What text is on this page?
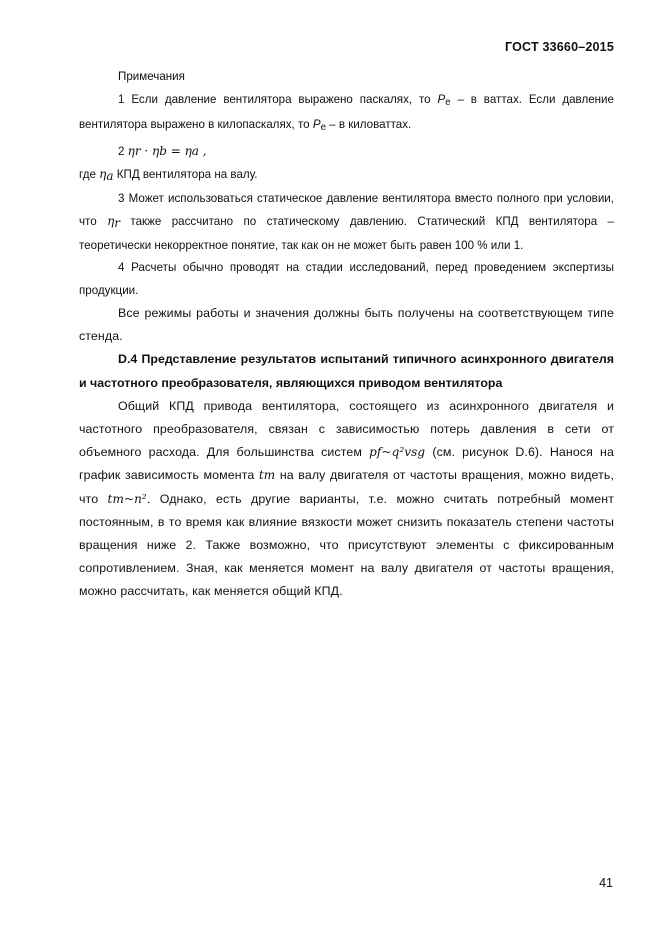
ГОСТ 33660–2015

Примечания

1 Если давление вентилятора выражено паскалях, то $P_e$ – в ваттах. Если давление вентилятора выражено в килопаскалях, то $P_e$ – в киловаттах.

2 ηr · ηb = ηa ,

где $\eta_a$ КПД вентилятора на валу.

3 Может использоваться статическое давление вентилятора вместо полного при условии, что $\eta_r$ также рассчитано по статическому давлению. Статический КПД вентилятора – теоретически некорректное понятие, так как он не может быть равен 100 % или 1.

4 Расчеты обычно проводят на стадии исследований, перед проведением экспертизы продукции.

Все режимы работы и значения должны быть получены на соответствующем типе стенда.

D.4 Представление результатов испытаний типичного асинхронного двигателя и частотного преобразователя, являющихся приводом вентилятора

Общий КПД привода вентилятора, состоящего из асинхронного двигателя и частотного преобразователя, связан с зависимостью потерь давления в сети от объемного расхода. Для большинства систем pf~q²vsg (см. рисунок D.6). Нанося на график зависимость момента tm на валу двигателя от частоты вращения, можно видеть, что tm~n². Однако, есть другие варианты, т.е. можно считать потребный момент постоянным, в то время как влияние вязкости может снизить показатель степени частоты вращения ниже 2. Также возможно, что присутствуют элементы с фиксированным сопротивлением. Зная, как меняется момент на валу двигателя от частоты вращения, можно рассчитать, как меняется общий КПД.

41
